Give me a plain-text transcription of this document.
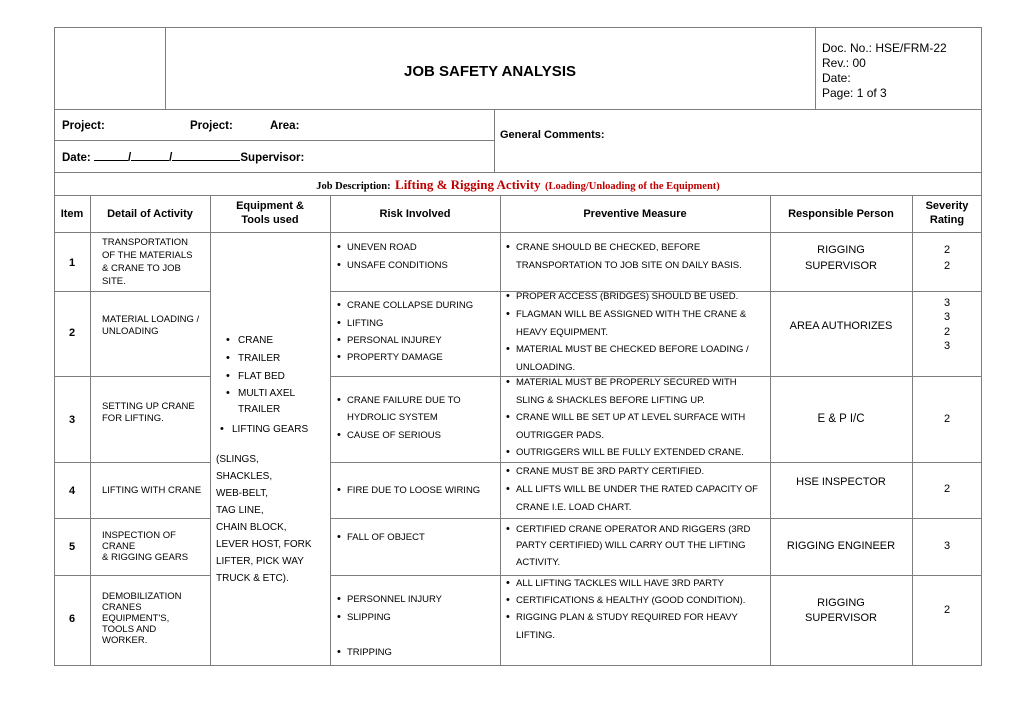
JOB SAFETY ANALYSIS
Doc. No.: HSE/FRM-22
Rev.: 00
Date:
Page: 1 of 3
Project:	Project:	Area:
General Comments:
Date:	/	/	Supervisor:
Job Description: Lifting & Rigging Activity (Loading/Unloading of the Equipment)
Item	Detail of Activity
Equipment &
Tools used	Risk Involved	Preventive Measure	Responsible Person
Severity
Rating
• CRANE
• TRAILER
• FLAT BED
• MULTI AXEL
TRAILER
• LIFTING GEARS
(SLINGS,
SHACKLES,
WEB-BELT,
TAG LINE,
CHAIN BLOCK,
LEVER HOST, FORK
LIFTER, PICK WAY
TRUCK & ETC).
1
TRANSPORTATION
OF THE MATERIALS
& CRANE TO JOB
SITE.
• UNEVEN ROAD
• UNSAFE CONDITIONS
• CRANE SHOULD BE CHECKED, BEFORE
TRANSPORTATION TO JOB SITE ON DAILY BASIS.
RIGGING
SUPERVISOR
2
2
2
MATERIAL LOADING /
UNLOADING
• CRANE COLLAPSE DURING
• LIFTING
• PERSONAL INJUREY
• PROPERTY DAMAGE
• PROPER ACCESS (BRIDGES) SHOULD BE USED.
• FLAGMAN WILL BE ASSIGNED WITH THE CRANE &
HEAVY EQUIPMENT.
• MATERIAL MUST BE CHECKED BEFORE LOADING /
UNLOADING.
AREA AUTHORIZES
3
3
2
3
3
SETTING UP CRANE
FOR LIFTING.
• CRANE FAILURE DUE TO
HYDROLIC SYSTEM
• CAUSE OF SERIOUS
• MATERIAL MUST BE PROPERLY SECURED WITH
SLING & SHACKLES BEFORE LIFTING UP.
• CRANE WILL BE SET UP AT LEVEL SURFACE WITH
OUTRIGGER PADS.
• OUTRIGGERS WILL BE FULLY EXTENDED CRANE.
E & P I/C	2
4	LIFTING WITH CRANE
•	FIRE DUE TO LOOSE WIRING
• CRANE MUST BE 3RD PARTY CERTIFIED.
• ALL LIFTS WILL BE UNDER THE RATED CAPACITY OF
CRANE I.E. LOAD CHART.
HSE INSPECTOR
2
5
INSPECTION OF
CRANE
& RIGGING GEARS
• FALL OF OBJECT
• CERTIFIED CRANE OPERATOR AND RIGGERS (3RD
PARTY CERTIFIED) WILL CARRY OUT THE LIFTING
ACTIVITY.
RIGGING ENGINEER	3
6
DEMOBILIZATION
CRANES
EQUIPMENT'S,
TOOLS AND
WORKER.
• PERSONNEL INJURY
• SLIPPING
• TRIPPING
• ALL LIFTING TACKLES WILL HAVE 3RD PARTY
• CERTIFICATIONS & HEALTHY (GOOD CONDITION).
• RIGGING PLAN & STUDY REQUIRED FOR HEAVY
LIFTING.
RIGGING
SUPERVISOR
2
